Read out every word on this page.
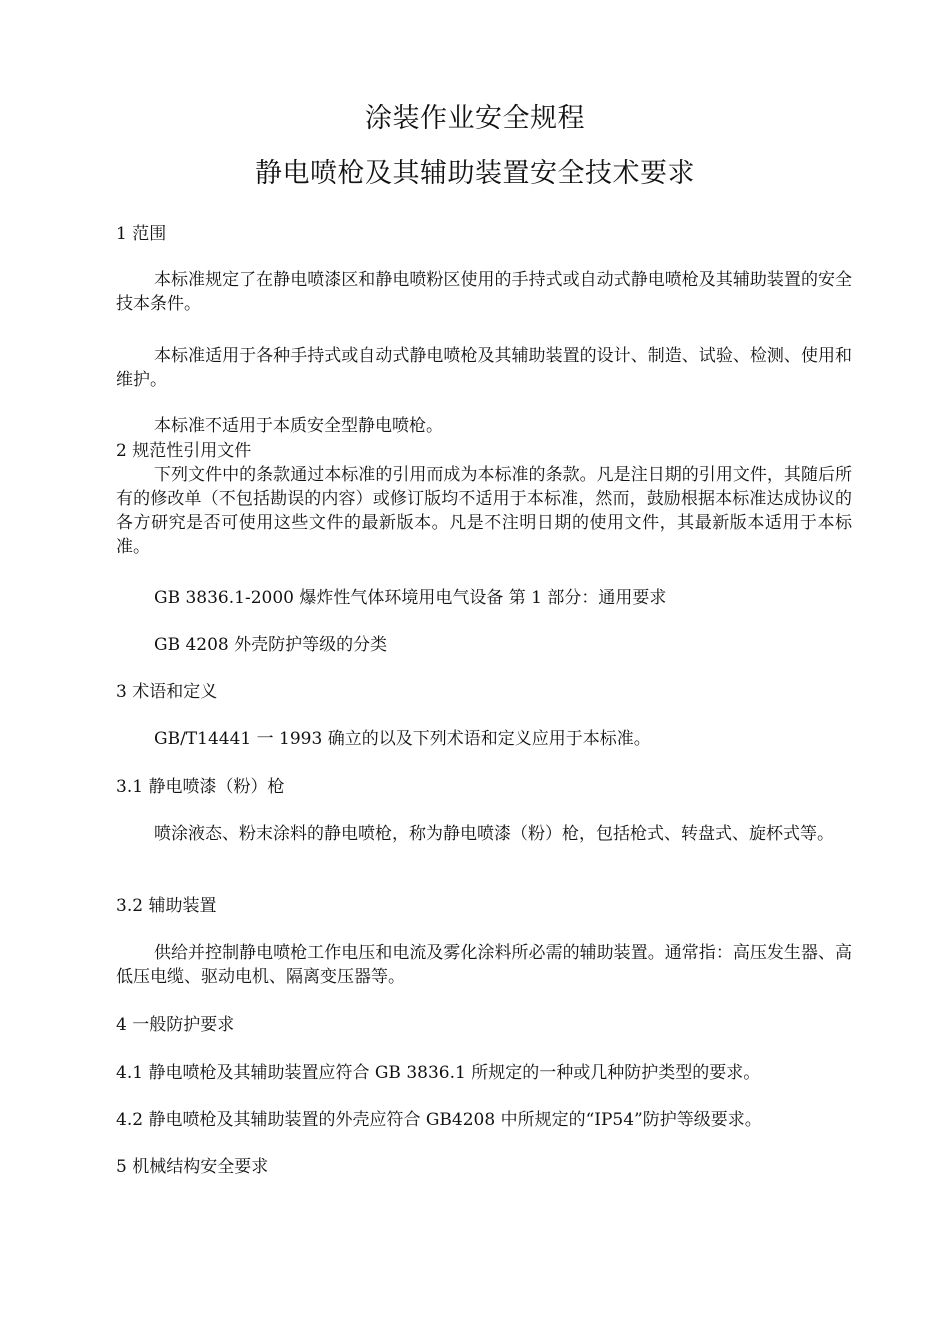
涂装作业安全规程
静电喷枪及其辅助装置安全技术要求

1 范围

本标准规定了在静电喷漆区和静电喷粉区使用的手持式或自动式静电喷枪及其辅助装置的安全技本条件。

本标准适用于各种手持式或自动式静电喷枪及其辅助装置的设计、制造、试验、检测、使用和维护。

本标准不适用于本质安全型静电喷枪。

2 规范性引用文件

下列文件中的条款通过本标准的引用而成为本标准的条款。凡是注日期的引用文件，其随后所有的修改单（不包括勘误的内容）或修订版均不适用于本标准，然而，鼓励根据本标准达成协议的各方研究是否可使用这些文件的最新版本。凡是不注明日期的使用文件，其最新版本适用于本标准。

GB 3836.1-2000 爆炸性气体环境用电气设备 第 1 部分：通用要求

GB 4208 外壳防护等级的分类

3 术语和定义

GB/T14441 一 1993 确立的以及下列术语和定义应用于本标准。

3.1 静电喷漆（粉）枪

喷涂液态、粉末涂料的静电喷枪，称为静电喷漆（粉）枪，包括枪式、转盘式、旋杯式等。

3.2 辅助装置

供给并控制静电喷枪工作电压和电流及雾化涂料所必需的辅助装置。通常指：高压发生器、高低压电缆、驱动电机、隔离变压器等。

4 一般防护要求

4.1 静电喷枪及其辅助装置应符合 GB 3836.1 所规定的一种或几种防护类型的要求。

4.2 静电喷枪及其辅助装置的外壳应符合 GB4208 中所规定的“IP54”防护等级要求。

5 机械结构安全要求
